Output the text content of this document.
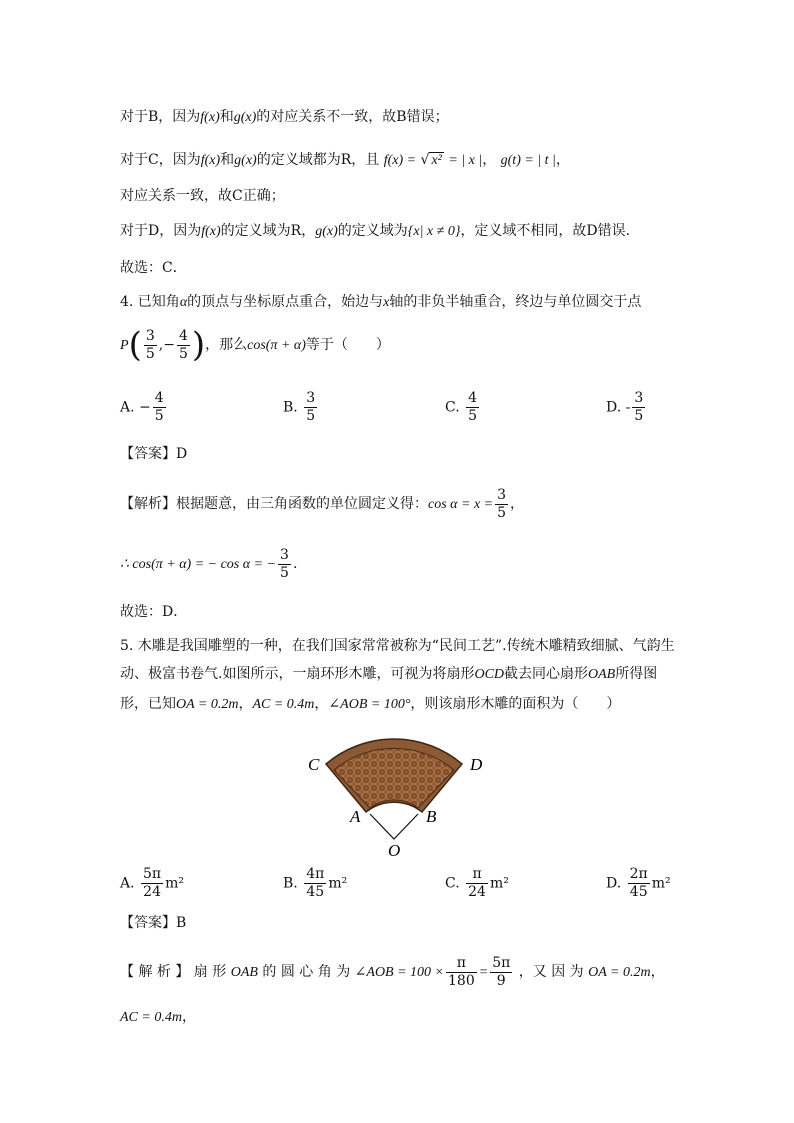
对于B，因为f(x)和g(x)的对应关系不一致，故B错误；
对于C，因为f(x)和g(x)的定义域都为R，且 f(x) = √ x² = | x |， g(t) = | t |，
对应关系一致，故C正确；
对于D，因为f(x)的定义域为R，g(x)的定义域为{x| x ≠ 0}，定义域不相同，故D错误.
故选：C．
4. 已知角α的顶点与坐标原点重合，始边与x轴的非负半轴重合，终边与单位圆交于点
$P( \frac{3}{5}$ ,− $\frac{4}{5}$ )，那么cos(π + α)等于（　　）
A. − $\frac{4}{5}$	B. $\frac{3}{5}$	C. $\frac{4}{5}$	D. - $\frac{3}{5}$
【答案】D
【解析】根据题意，由三角函数的单位圆定义得：$\cos \alpha = x = \frac{3}{5}$ ，
∴ cos(π + α) = − cos α = − $\frac{3}{5}$ .
故选：D．
5. 木雕是我国雕塑的一种，在我们国家常常被称为“民间工艺”.传统木雕精致细腻、气韵生
动、极富书卷气.如图所示，一扇环形木雕，可视为将扇形OCD截去同心扇形OAB所得图
形，已知OA = 0.2m，AC = 0.4m，∠AOB = 100°，则该扇形木雕的面积为（　　）
C	D
A	B
O
A. $\frac{5\pi}{24} m^2$	B. $\frac{4\pi}{45} m^2$	C. $\frac{\pi}{24} m^2$	D. $\frac{2\pi}{45} m^2$
【答案】B
【 解 析 】 扇 形 OAB 的 圆 心 角 为 ∠AOB = $100 \times \frac{\pi}{180} = \frac{5\pi}{9}$ ，又 因 为 OA = 0.2m，
AC = 0.4m，
